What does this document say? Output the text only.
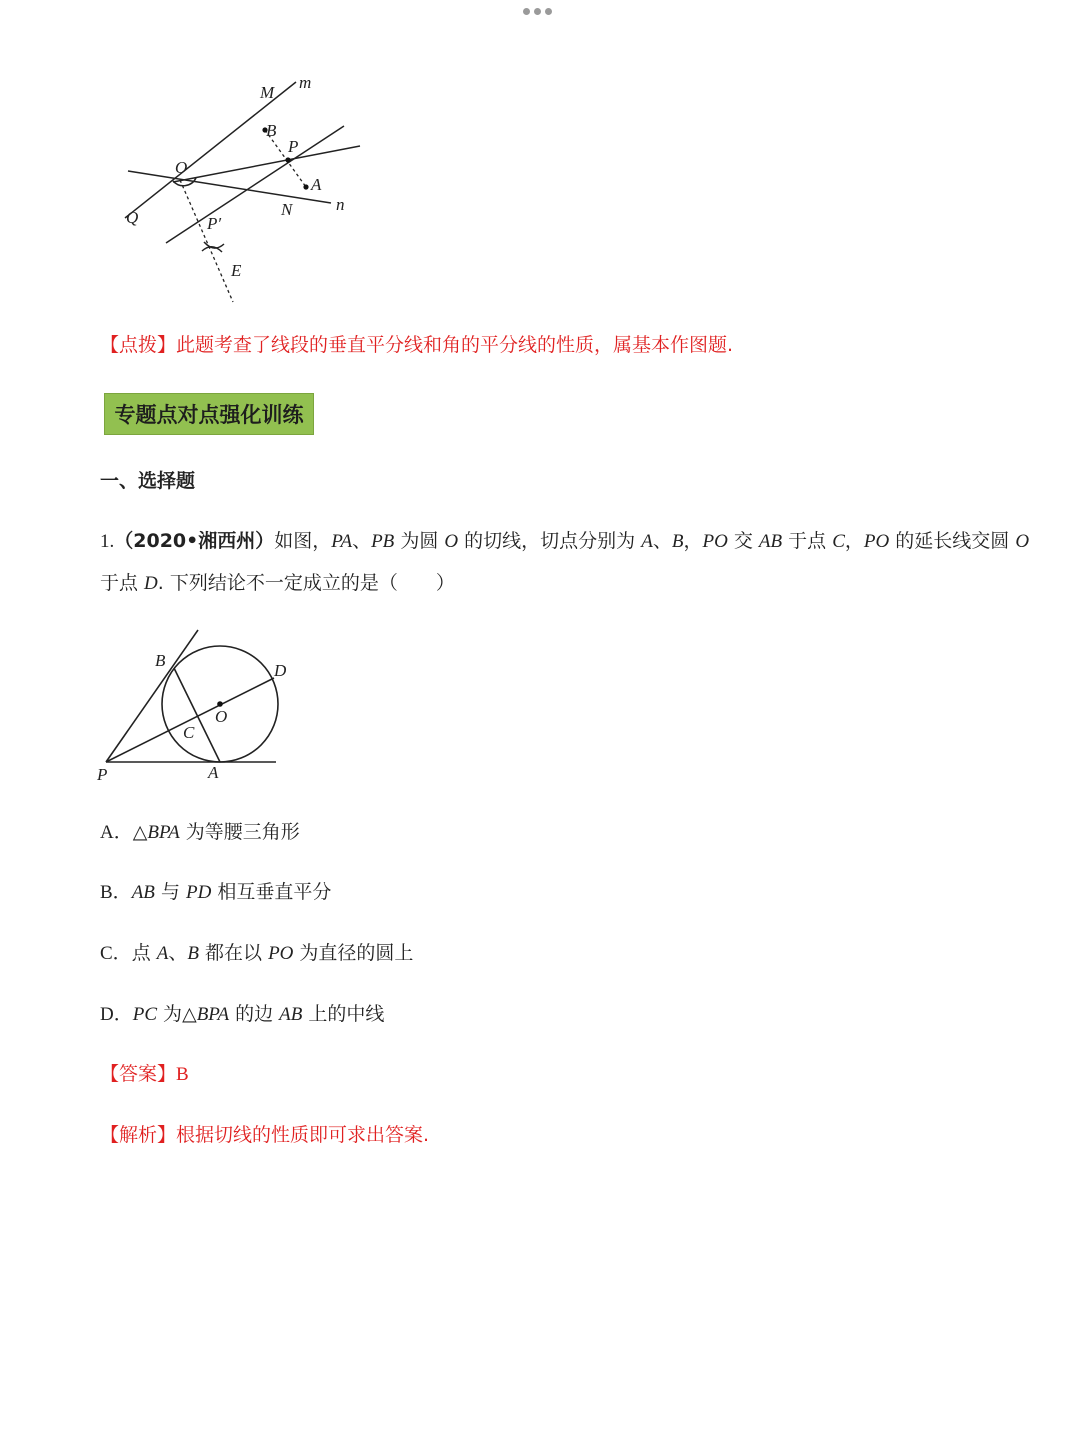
M
m
B
P
O
A
N	n
Q	P′
E
【点拨】此题考查了线段的垂直平分线和角的平分线的性质，属基本作图题.
专题点对点强化训练
一、选择题
1.（2020•湘西州）如图，PA、PB 为圆 O 的切线，切点分别为 A、B，PO 交 AB 于点 C，PO 的延长线交圆 O
于点 D. 下列结论不一定成立的是（　　）
B
D
O
C
P	A
A．△BPA 为等腰三角形
B．AB 与 PD 相互垂直平分
C．点 A、B 都在以 PO 为直径的圆上
D．PC 为△BPA 的边 AB 上的中线
【答案】B
【解析】根据切线的性质即可求出答案.
